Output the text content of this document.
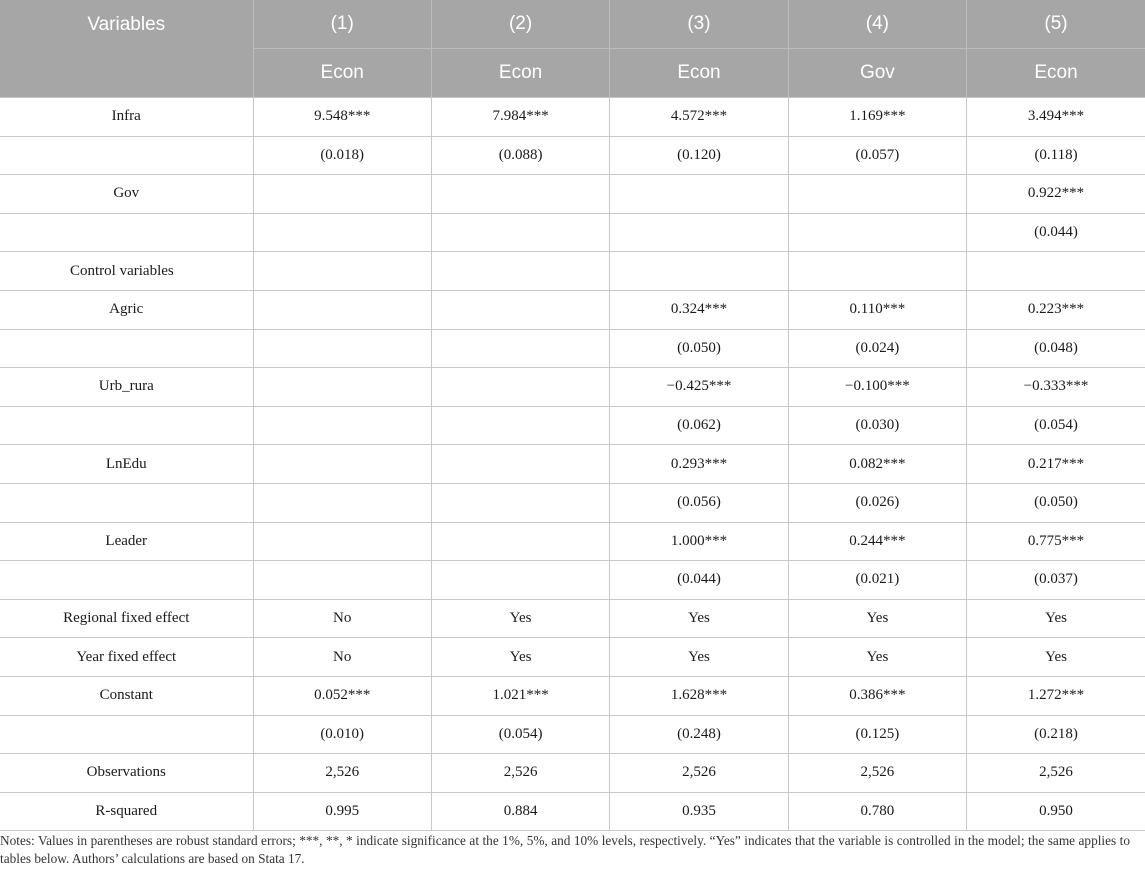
Variables	(1)	(2)	(3)	(4)	(5)
	Econ	Econ	Econ	Gov	Econ
Infra	9.548***	7.984***	4.572***	1.169***	3.494***
	(0.018)	(0.088)	(0.120)	(0.057)	(0.118)
Gov					0.922***
					(0.044)
Control variables					
Agric			0.324***	0.110***	0.223***
			(0.050)	(0.024)	(0.048)
Urb_rura			−0.425***	−0.100***	−0.333***
			(0.062)	(0.030)	(0.054)
LnEdu			0.293***	0.082***	0.217***
			(0.056)	(0.026)	(0.050)
Leader			1.000***	0.244***	0.775***
			(0.044)	(0.021)	(0.037)
Regional fixed effect	No	Yes	Yes	Yes	Yes
Year fixed effect	No	Yes	Yes	Yes	Yes
Constant	0.052***	1.021***	1.628***	0.386***	1.272***
	(0.010)	(0.054)	(0.248)	(0.125)	(0.218)
Observations	2,526	2,526	2,526	2,526	2,526
R-squared	0.995	0.884	0.935	0.780	0.950
Notes: Values in parentheses are robust standard errors; ***, **, * indicate significance at the 1%, 5%, and 10% levels, respectively. “Yes” indicates that the variable is controlled in the model; the same applies to tables below. Authors’ calculations are based on Stata 17.
